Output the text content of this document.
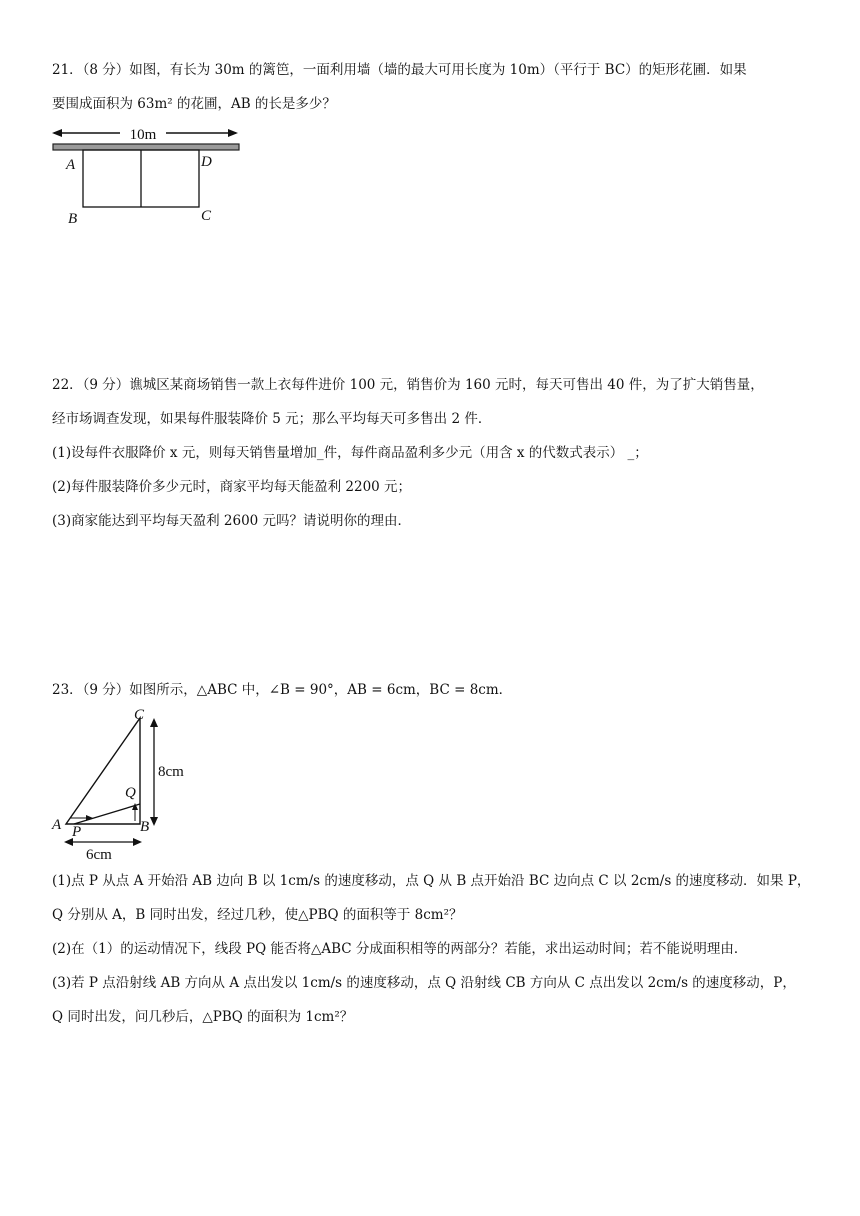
21．（8 分）如图，有长为 30m 的篱笆，一面利用墙（墙的最大可用长度为 10m）（平行于 BC）的矩形花圃．如果
要围成面积为 63m² 的花圃，AB 的长是多少？
10m
A	D
B	C
22．（9 分）谯城区某商场销售一款上衣每件进价 100 元，销售价为 160 元时，每天可售出 40 件，为了扩大销售量，
经市场调查发现，如果每件服装降价 5 元；那么平均每天可多售出 2 件．
(1)设每件衣服降价 x 元，则每天销售量增加_件，每件商品盈利多少元（用含 x 的代数式表示） _；
(2)每件服装降价多少元时，商家平均每天能盈利 2200 元；
(3)商家能达到平均每天盈利 2600 元吗？请说明你的理由．
23．（9 分）如图所示，△ABC 中，∠B = 90°，AB = 6cm，BC = 8cm．
8cm
6cm
C
Q
A P	B
(1)点 P 从点 A 开始沿 AB 边向 B 以 1cm/s 的速度移动，点 Q 从 B 点开始沿 BC 边向点 C 以 2cm/s 的速度移动．如果 P，
Q 分别从 A，B 同时出发，经过几秒，使△PBQ 的面积等于 8cm²？
(2)在（1）的运动情况下，线段 PQ 能否将△ABC 分成面积相等的两部分？若能，求出运动时间；若不能说明理由．
(3)若 P 点沿射线 AB 方向从 A 点出发以 1cm/s 的速度移动，点 Q 沿射线 CB 方向从 C 点出发以 2cm/s 的速度移动，P，
Q 同时出发，问几秒后，△PBQ 的面积为 1cm²？
